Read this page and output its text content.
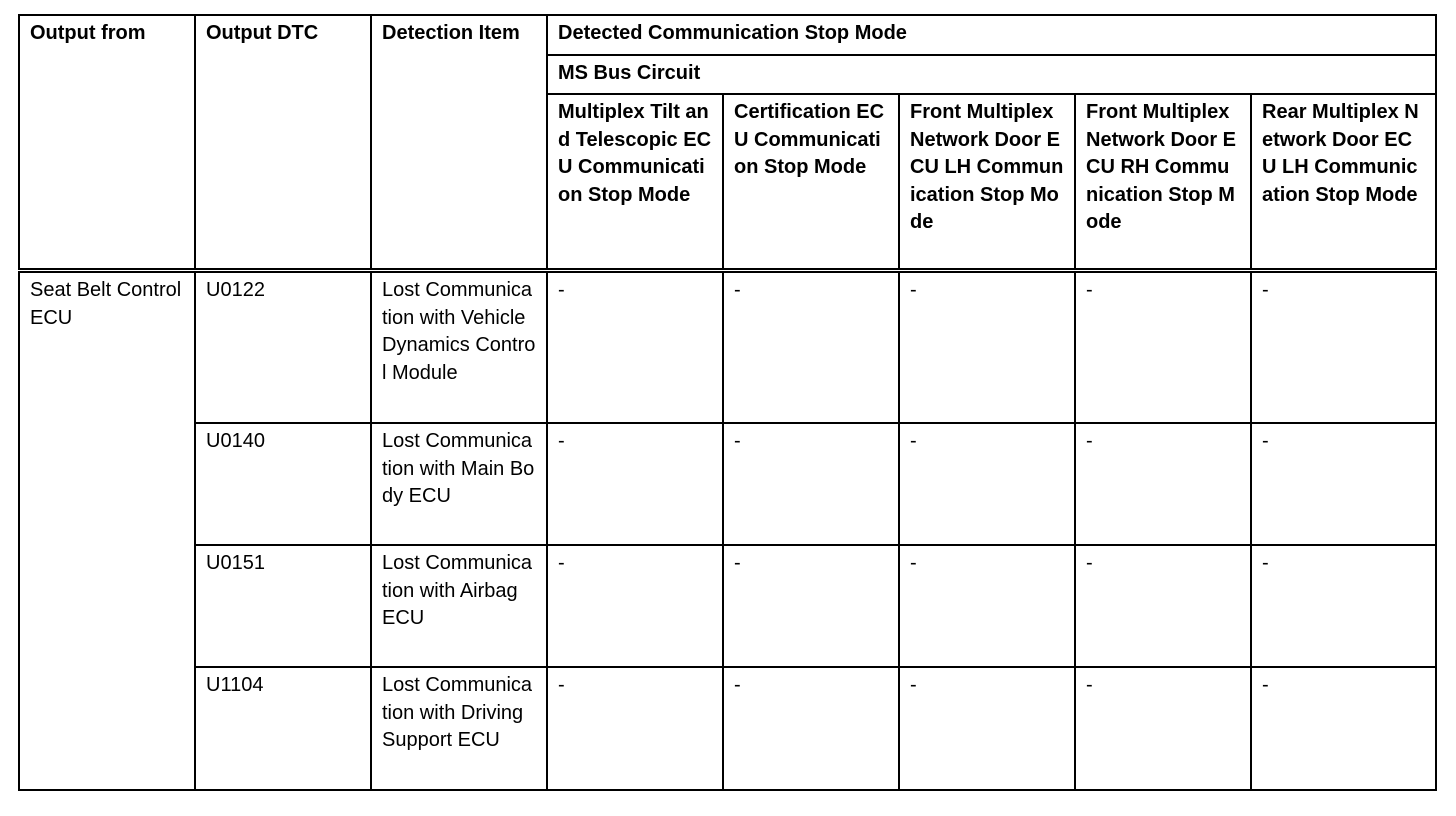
Output from	Output DTC	Detection Item	Detected Communication Stop Mode				
			MS Bus Circuit				
			Multiplex Tilt and Telescopic ECU Communication Stop Mode	Certification ECU Communication Stop Mode	Front Multiplex Network Door ECU LH Communication Stop Mode	Front Multiplex Network Door ECU RH Communication Stop Mode	Rear Multiplex Network Door ECU LH Communication Stop Mode
Seat Belt Control ECU	U0122	Lost Communication with Vehicle Dynamics Control Module	-	-	-	-	-
	U0140	Lost Communication with Main Body ECU	-	-	-	-	-
	U0151	Lost Communication with Airbag ECU	-	-	-	-	-
	U1104	Lost Communication with Driving Support ECU	-	-	-	-	-
